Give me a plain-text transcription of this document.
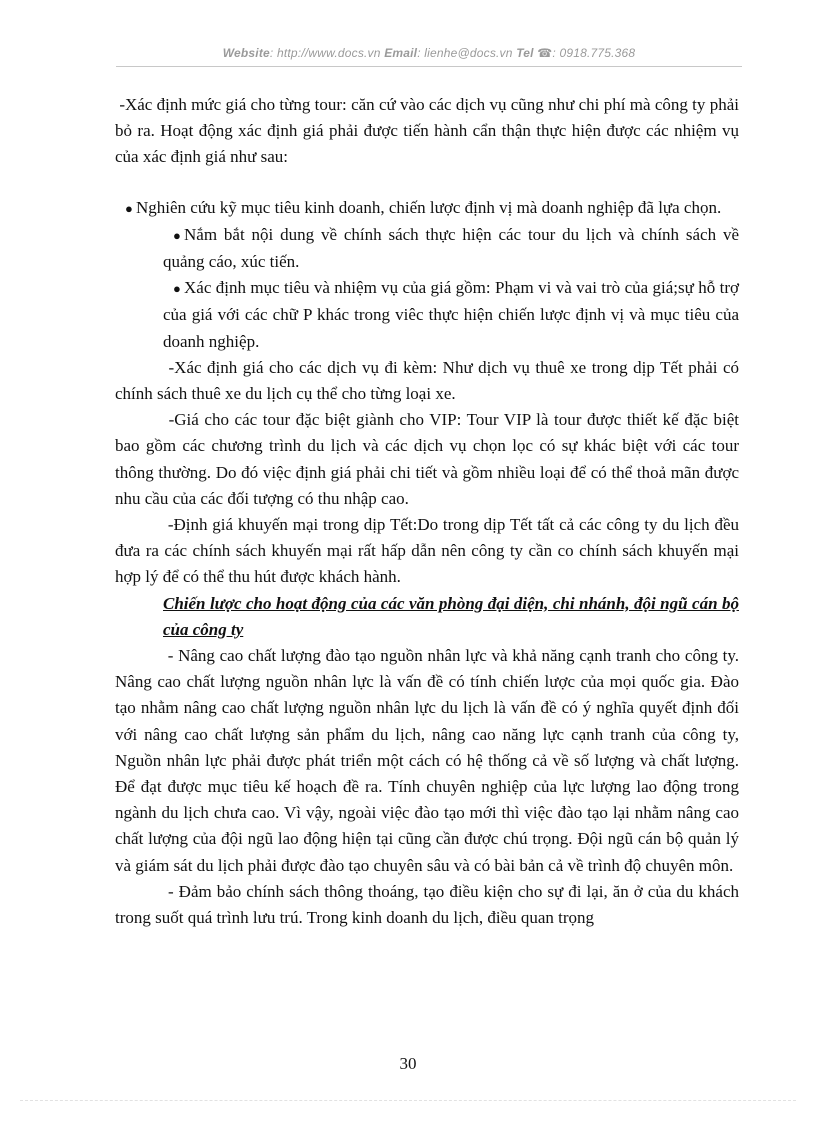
Website: http://www.docs.vn Email: lienhe@docs.vn Tel ☎: 0918.775.368

-Xác định mức giá cho từng tour: căn cứ vào các dịch vụ cũng như chi phí mà công ty phải bỏ ra. Hoạt động xác định giá phải được tiến hành cẩn thận thực hiện được các nhiệm vụ của xác định giá như sau:

● Nghiên cứu kỹ mục tiêu kinh doanh, chiến lược định vị mà doanh nghiệp đã lựa chọn.

● Nắm bắt nội dung về chính sách thực hiện các tour du lịch và chính sách về quảng cáo, xúc tiến.

● Xác định mục tiêu và nhiệm vụ của giá gồm: Phạm vi và vai trò của giá;sự hỗ trợ của giá với các chữ P khác trong viêc thực hiện chiến lược định vị và mục tiêu của doanh nghiệp.

-Xác định giá cho các dịch vụ đi kèm: Như dịch vụ thuê xe trong dịp Tết phải có chính sách thuê xe du lịch cụ thể cho từng loại xe.

-Giá cho các tour đặc biệt giành cho VIP: Tour VIP là tour được thiết kế đặc biệt bao gồm các chương trình du lịch và các dịch vụ chọn lọc có sự khác biệt với các tour thông thường. Do đó việc định giá phải chi tiết và gồm nhiều loại để có thể thoả mãn được nhu cầu của các đối tượng có thu nhập cao.

-Định giá khuyến mại trong dịp Tết:Do trong dịp Tết tất cả các công ty du lịch đều đưa ra các chính sách khuyến mại rất hấp dẫn nên công ty cần co chính sách khuyến mại hợp lý để có thể thu hút được khách hành.

Chiến lược cho hoạt động của các văn phòng đại diện, chi nhánh, đội ngũ cán bộ của công ty

- Nâng cao chất lượng đào tạo nguồn nhân lực và khả năng cạnh tranh cho công ty. Nâng cao chất lượng nguồn nhân lực là vấn đề có tính chiến lược của mọi quốc gia. Đào tạo nhằm nâng cao chất lượng nguồn nhân lực du lịch là vấn đề có ý nghĩa quyết định đối với nâng cao chất lượng sản phẩm du lịch, nâng cao năng lực cạnh tranh của công ty, Nguồn nhân lực phải được phát triển một cách có hệ thống cả về số lượng và chất lượng. Để đạt được mục tiêu kế hoạch đề ra. Tính chuyên nghiệp của lực lượng lao động trong ngành du lịch chưa cao. Vì vậy, ngoài việc đào tạo mới thì việc đào tạo lại nhằm nâng cao chất lượng của đội ngũ lao động hiện tại cũng cần được chú trọng. Đội ngũ cán bộ quản lý và giám sát du lịch phải được đào tạo chuyên sâu và có bài bản cả về trình độ chuyên môn.

- Đảm bảo chính sách thông thoáng, tạo điều kiện cho sự đi lại, ăn ở của du khách trong suốt quá trình lưu trú. Trong kinh doanh du lịch, điều quan trọng

30
